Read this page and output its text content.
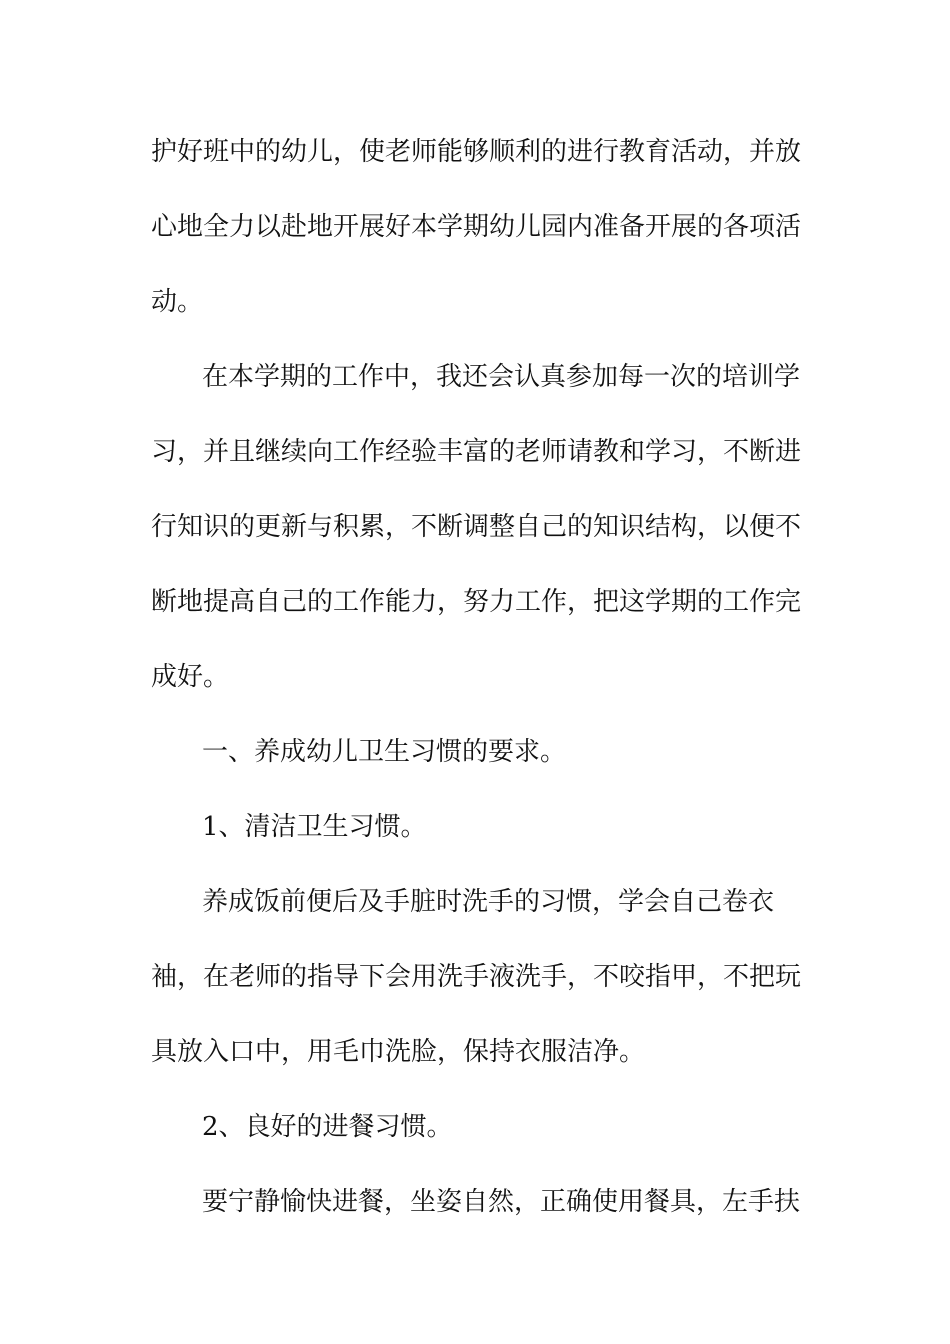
护好班中的幼儿，使老师能够顺利的进行教育活动，并放
心地全力以赴地开展好本学期幼儿园内准备开展的各项活
动。
在本学期的工作中，我还会认真参加每一次的培训学
习，并且继续向工作经验丰富的老师请教和学习，不断进
行知识的更新与积累，不断调整自己的知识结构，以便不
断地提高自己的工作能力，努力工作，把这学期的工作完
成好。
一、养成幼儿卫生习惯的要求。
1、清洁卫生习惯。
养成饭前便后及手脏时洗手的习惯，学会自己卷衣
袖，在老师的指导下会用洗手液洗手，不咬指甲，不把玩
具放入口中，用毛巾洗脸，保持衣服洁净。
2、良好的进餐习惯。
要宁静愉快进餐，坐姿自然，正确使用餐具，左手扶
